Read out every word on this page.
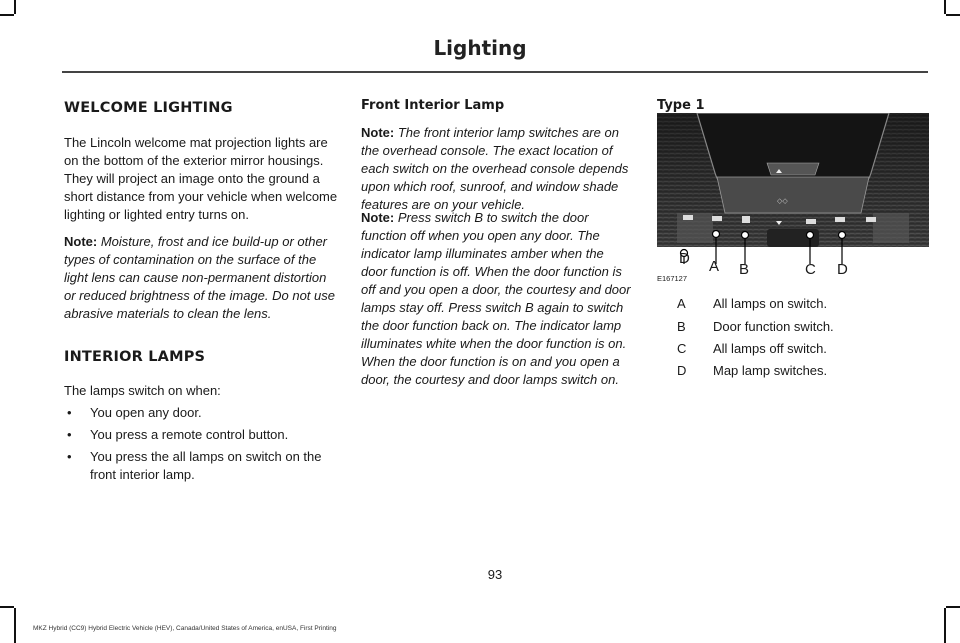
Lighting
WELCOME LIGHTING

The Lincoln welcome mat projection lights are on the bottom of the exterior mirror housings. They will project an image onto the ground a short distance from your vehicle when welcome lighting or lighted entry turns on.

Note: Moisture, frost and ice build-up or other types of contamination on the surface of the light lens can cause non-permanent distortion or reduced brightness of the image. Do not use abrasive materials to clean the lens.

INTERIOR LAMPS

The lamps switch on when:

• You open any door.
• You press a remote control button.
• You press the all lamps on switch on the front interior lamp.
Front Interior Lamp

Note: The front interior lamp switches are on the overhead console. The exact location of each switch on the overhead console depends upon which roof, sunroof, and window shade features are on your vehicle.

Note: Press switch B to switch the door function off when you open any door. The indicator lamp illuminates amber when the door function is off. When the door function is off and you open a door, the courtesy and door lamps stay off. Press switch B again to switch the door function back on. The indicator lamp illuminates white when the door function is on. When the door function is on and you open a door, the courtesy and door lamps switch on.

Type 1
◇◇
D A B	C D
E167127
A All lamps on switch.
B Door function switch.
C All lamps off switch.
D Map lamp switches.
93
MKZ Hybrid (CC9) Hybrid Electric Vehicle (HEV), Canada/United States of America, enUSA, First Printing
